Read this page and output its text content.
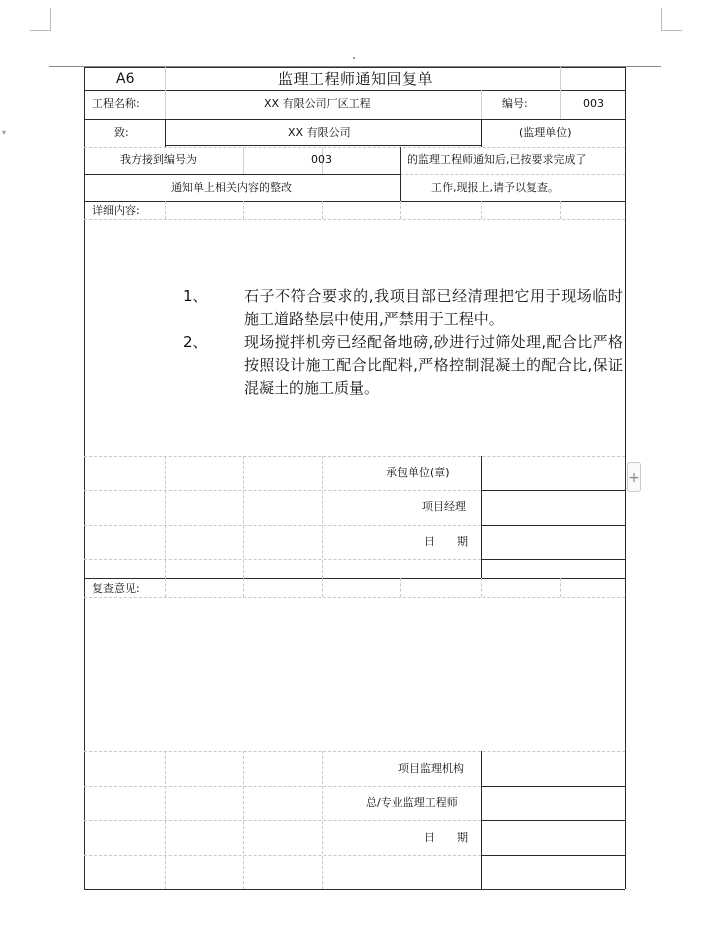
▾
A6	监理工程师通知回复单
工程名称:	XX 有限公司厂区工程	编号:	003
致:	XX 有限公司	(监理单位)
我方接到编号为	003	的监理工程师通知后,已按要求完成了
通知单上相关内容的整改	工作,现报上,请予以复查。
详细内容:
1、	石子不符合要求的,我项目部已经清理把它用于现场临时施工道路垫层中使用,严禁用于工程中。
2、	现场搅拌机旁已经配备地磅,砂进行过筛处理,配合比严格按照设计施工配合比配料,严格控制混凝土的配合比,保证混凝土的施工质量。
承包单位(章)
项目经理
日　　期
复查意见:
项目监理机构
总/专业监理工程师
日　　期
+
